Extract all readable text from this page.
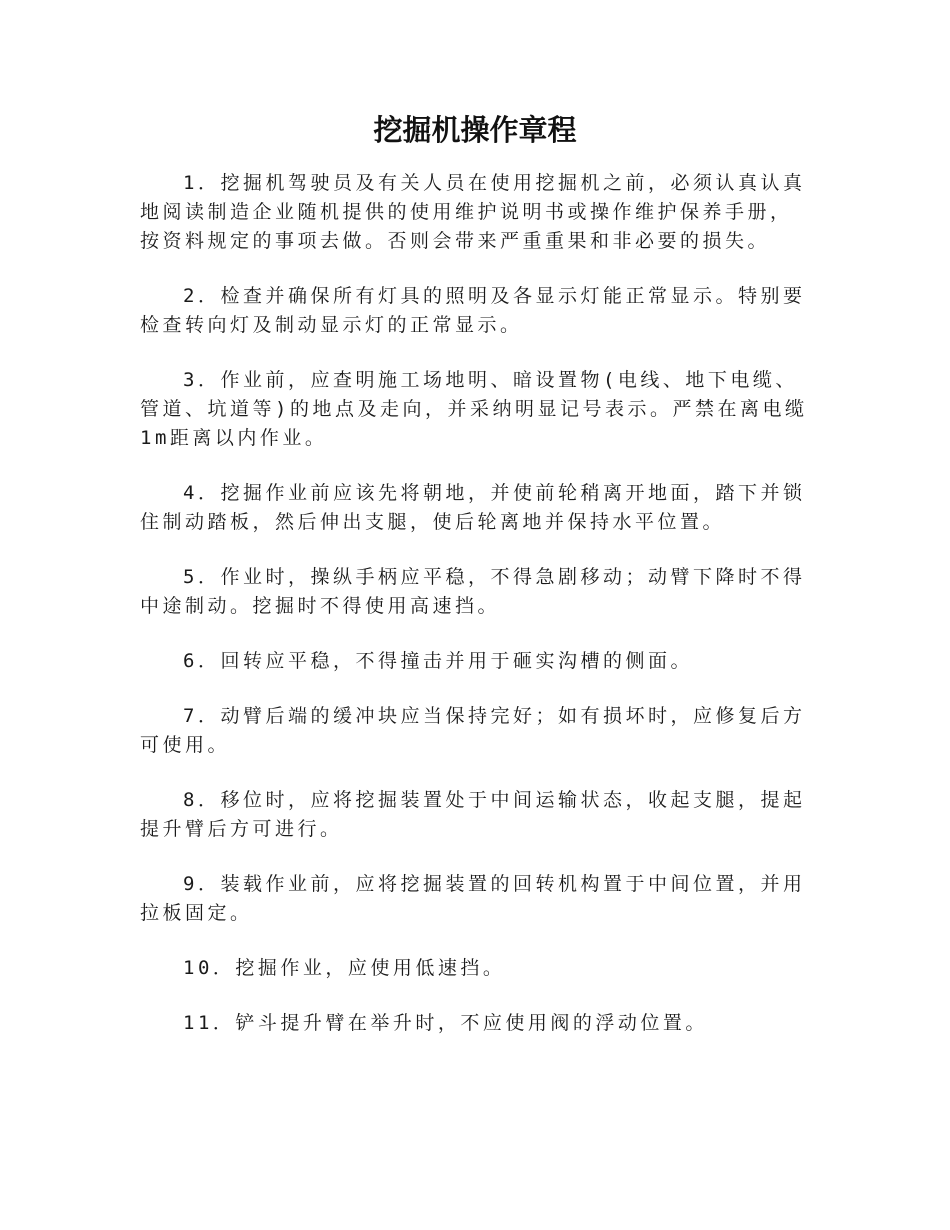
挖掘机操作章程

1．挖掘机驾驶员及有关人员在使用挖掘机之前，必须认真认真地阅读制造企业随机提供的使用维护说明书或操作维护保养手册，按资料规定的事项去做。否则会带来严重重果和非必要的损失。

2．检查并确保所有灯具的照明及各显示灯能正常显示。特别要检查转向灯及制动显示灯的正常显示。

3．作业前，应查明施工场地明、暗设置物(电线、地下电缆、管道、坑道等)的地点及走向，并采纳明显记号表示。严禁在离电缆1m距离以内作业。

4．挖掘作业前应该先将朝地，并使前轮稍离开地面，踏下并锁住制动踏板，然后伸出支腿，使后轮离地并保持水平位置。

5．作业时，操纵手柄应平稳，不得急剧移动；动臂下降时不得中途制动。挖掘时不得使用高速挡。

6．回转应平稳，不得撞击并用于砸实沟槽的侧面。

7．动臂后端的缓冲块应当保持完好；如有损坏时，应修复后方可使用。

8．移位时，应将挖掘装置处于中间运输状态，收起支腿，提起提升臂后方可进行。

9．装载作业前，应将挖掘装置的回转机构置于中间位置，并用拉板固定。

10．挖掘作业，应使用低速挡。

11．铲斗提升臂在举升时，不应使用阀的浮动位置。
